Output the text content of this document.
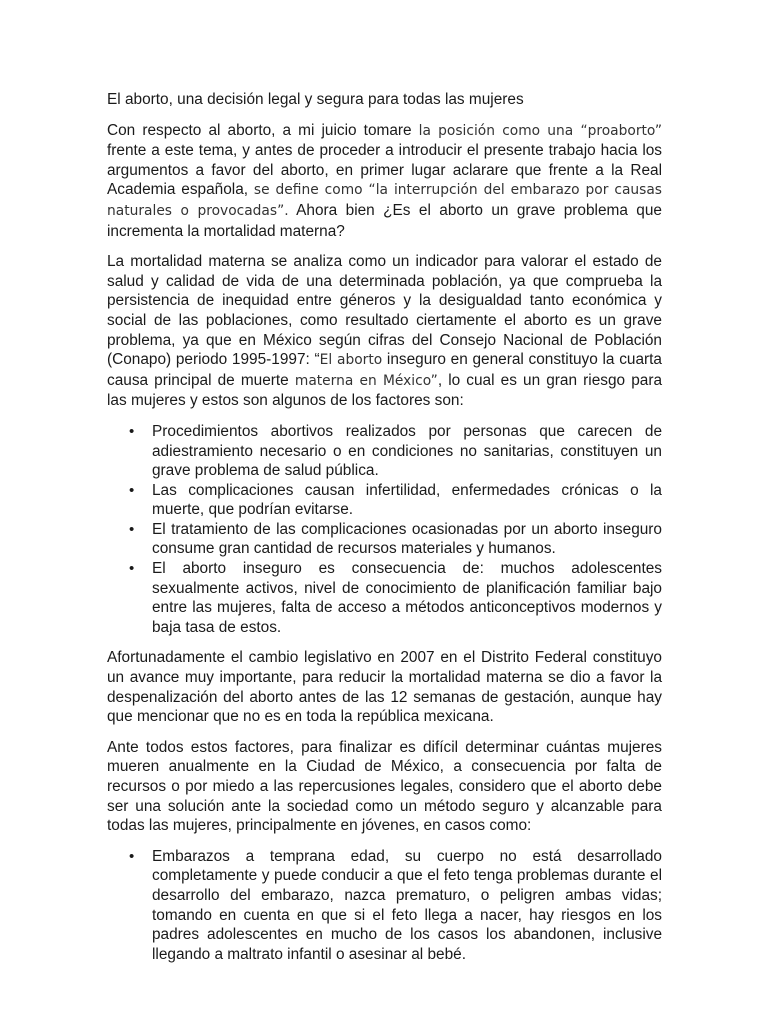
El aborto, una decisión legal y segura para todas las mujeres

Con respecto al aborto, a mi juicio tomare la posición como una “proaborto” frente a este tema, y antes de proceder a introducir el presente trabajo hacia los argumentos a favor del aborto, en primer lugar aclarare que frente a la Real Academia española, se define como “la interrupción del embarazo por causas naturales o provocadas”. Ahora bien ¿Es el aborto un grave problema que incrementa la mortalidad materna?

La mortalidad materna se analiza como un indicador para valorar el estado de salud y calidad de vida de una determinada población, ya que comprueba la persistencia de inequidad entre géneros y la desigualdad tanto económica y social de las poblaciones, como resultado ciertamente el aborto es un grave problema, ya que en México según cifras del Consejo Nacional de Población (Conapo) periodo 1995-1997: “El aborto inseguro en general constituyo la cuarta causa principal de muerte materna en México”, lo cual es un gran riesgo para las mujeres y estos son algunos de los factores son:

• Procedimientos abortivos realizados por personas que carecen de adiestramiento necesario o en condiciones no sanitarias, constituyen un grave problema de salud pública.
• Las complicaciones causan infertilidad, enfermedades crónicas o la muerte, que podrían evitarse.
• El tratamiento de las complicaciones ocasionadas por un aborto inseguro consume gran cantidad de recursos materiales y humanos.
• El aborto inseguro es consecuencia de: muchos adolescentes sexualmente activos, nivel de conocimiento de planificación familiar bajo entre las mujeres, falta de acceso a métodos anticonceptivos modernos y baja tasa de estos.

Afortunadamente el cambio legislativo en 2007 en el Distrito Federal constituyo un avance muy importante, para reducir la mortalidad materna se dio a favor la despenalización del aborto antes de las 12 semanas de gestación, aunque hay que mencionar que no es en toda la república mexicana.

Ante todos estos factores, para finalizar es difícil determinar cuántas mujeres mueren anualmente en la Ciudad de México, a consecuencia por falta de recursos o por miedo a las repercusiones legales, considero que el aborto debe ser una solución ante la sociedad como un método seguro y alcanzable para todas las mujeres, principalmente en jóvenes, en casos como:

• Embarazos a temprana edad, su cuerpo no está desarrollado completamente y puede conducir a que el feto tenga problemas durante el desarrollo del embarazo, nazca prematuro, o peligren ambas vidas; tomando en cuenta en que si el feto llega a nacer, hay riesgos en los padres adolescentes en mucho de los casos los abandonen, inclusive llegando a maltrato infantil o asesinar al bebé.
